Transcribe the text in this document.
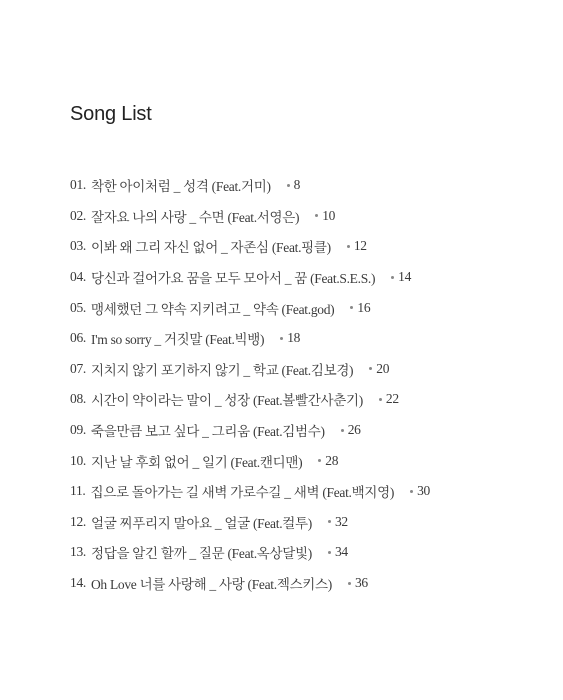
Song List
01. 착한 아이처럼 _ 성격 (Feat.거미) 8
02. 잘자요 나의 사랑 _ 수면 (Feat.서영은) 10
03. 이봐 왜 그리 자신 없어 _ 자존심 (Feat.핑클) 12
04. 당신과 걸어가요 꿈을 모두 모아서 _ 꿈 (Feat.S.E.S.) 14
05. 맹세했던 그 약속 지키려고 _ 약속 (Feat.god) 16
06. I'm so sorry _ 거짓말 (Feat.빅뱅) 18
07. 지치지 않기 포기하지 않기 _ 학교 (Feat.김보경) 20
08. 시간이 약이라는 말이 _ 성장 (Feat.볼빨간사춘기) 22
09. 죽을만큼 보고 싶다 _ 그리움 (Feat.김범수) 26
10. 지난 날 후회 없어 _ 일기 (Feat.캔디맨) 28
11. 집으로 돌아가는 길 새벽 가로수길 _ 새벽 (Feat.백지영) 30
12. 얼굴 찌푸리지 말아요 _ 얼굴 (Feat.컬투) 32
13. 정답을 알긴 할까 _ 질문 (Feat.옥상달빛) 34
14. Oh Love 너를 사랑해 _ 사랑 (Feat.젝스키스) 36
